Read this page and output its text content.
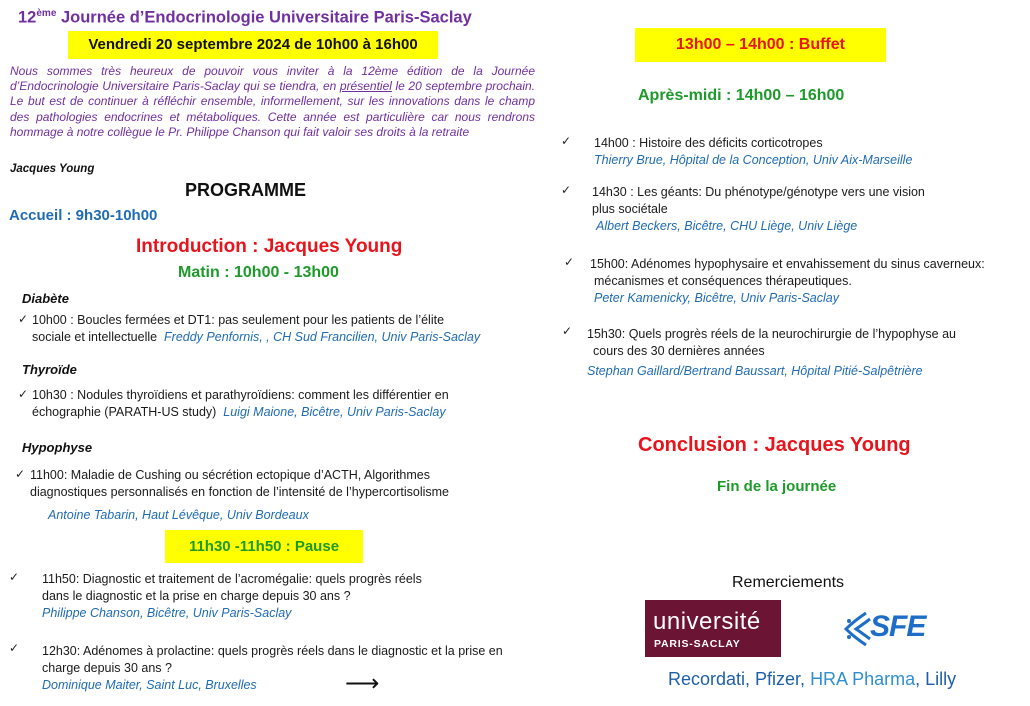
12ème Journée d’Endocrinologie Universitaire Paris-Saclay
Vendredi 20 septembre 2024 de 10h00 à 16h00
Nous sommes très heureux de pouvoir vous inviter à la 12ème édition de la Journée d’Endocrinologie Universitaire Paris-Saclay qui se tiendra, en présentiel le 20 septembre prochain. Le but est de continuer à réfléchir ensemble, informellement, sur les innovations dans le champ des pathologies endocrines et métaboliques. Cette année est particulière car nous rendrons hommage à notre collègue le Pr. Philippe Chanson qui fait valoir ses droits à la retraite
Jacques Young
PROGRAMME
Accueil : 9h30-10h00
Introduction : Jacques Young
Matin : 10h00 - 13h00
Diabète
✓ 10h00 : Boucles fermées et DT1: pas seulement pour les patients de l’élite
sociale et intellectuelle Freddy Penfornis, , CH Sud Francilien, Univ Paris-Saclay
Thyroïde
✓ 10h30 : Nodules thyroïdiens et parathyroïdiens: comment les différentier en
échographie (PARATH-US study) Luigi Maione, Bicêtre, Univ Paris-Saclay
Hypophyse
✓ 11h00: Maladie de Cushing ou sécrétion ectopique d’ACTH, Algorithmes
diagnostiques personnalisés en fonction de l’intensité de l’hypercortisolisme
Antoine Tabarin, Haut Lévêque, Univ Bordeaux
11h30 -11h50 : Pause
✓ 11h50: Diagnostic et traitement de l’acromégalie: quels progrès réels
dans le diagnostic et la prise en charge depuis 30 ans ?
Philippe Chanson, Bicêtre, Univ Paris-Saclay
✓ 12h30: Adénomes à prolactine: quels progrès réels dans le diagnostic et la prise en
charge depuis 30 ans ?
Dominique Maiter, Saint Luc, Bruxelles	⟶
13h00 – 14h00 : Buffet
Après-midi : 14h00 – 16h00
✓ 14h00 : Histoire des déficits corticotropes
Thierry Brue, Hôpital de la Conception, Univ Aix-Marseille
✓ 14h30 : Les géants: Du phénotype/génotype vers une vision
plus sociétale
Albert Beckers, Bicêtre, CHU Liège, Univ Liège
✓ 15h00: Adénomes hypophysaire et envahissement du sinus caverneux:
mécanismes et conséquences thérapeutiques.
Peter Kamenicky, Bicêtre, Univ Paris-Saclay
✓ 15h30: Quels progrès réels de la neurochirurgie de l’hypophyse au
cours des 30 dernières années
Stephan Gaillard/Bertrand Baussart, Hôpital Pitié-Salpêtrière
Conclusion : Jacques Young
Fin de la journée
Remerciements
université
PARIS-SACLAY
SFE
Recordati, Pfizer, HRA Pharma, Lilly
